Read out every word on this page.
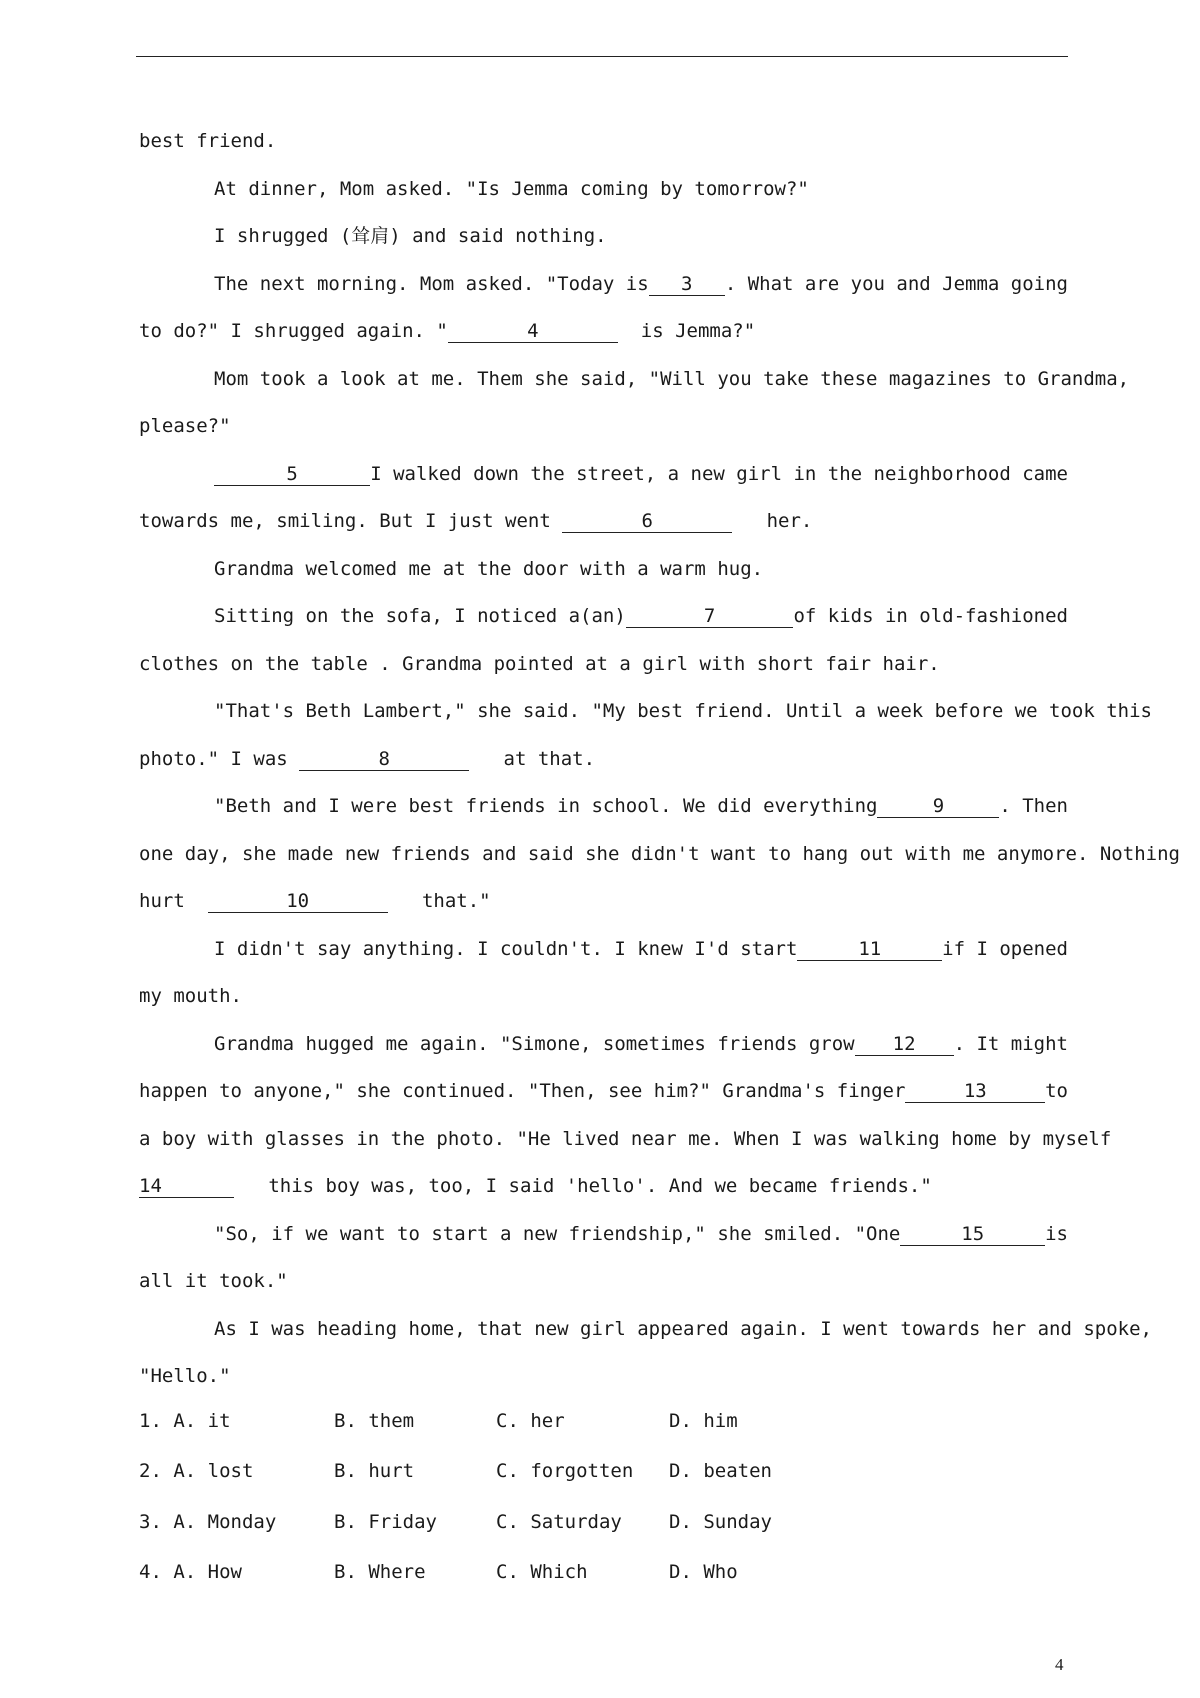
best friend.
At dinner, Mom asked. "Is Jemma coming by tomorrow?"
I shrugged (耸肩) and said nothing.
The next morning. Mom asked. "Today is	3	. What are you and Jemma going
to do?" I shrugged again. "	4	is Jemma?"
Mom took a look at me. Them she said, "Will you take these magazines to Grandma,
please?"
5	I walked down the street, a new girl in the neighborhood came
towards me, smiling. But I just went	6	her.
Grandma welcomed me at the door with a warm hug.
Sitting on the sofa, I noticed a(an)	7	of kids in old-fashioned
clothes on the table . Grandma pointed at a girl with short fair hair.
"That's Beth Lambert," she said. "My best friend. Until a week before we took this
photo." I was	8	at that.
"Beth and I were best friends in school. We did everything	9	. Then
one day, she made new friends and said she didn't want to hang out with me anymore. Nothing
hurt	10	that."
I didn't say anything. I couldn't. I knew I'd start	11	if I opened
my mouth.
Grandma hugged me again. "Simone, sometimes friends grow	12	. It might
happen to anyone," she continued. "Then, see him?" Grandma's finger	13	to
a boy with glasses in the photo. "He lived near me. When I was walking home by myself
14	this boy was, too, I said 'hello'. And we became friends."
"So, if we want to start a new friendship," she smiled. "One	15	is
all it took."
As I was heading home, that new girl appeared again. I went towards her and spoke,
"Hello."
1. A. it	B. them	C. her	D. him
2. A. lost	B. hurt	C. forgotten D. beaten
3. A. Monday	B. Friday	C. Saturday D. Sunday
4. A. How	B. Where	C. Which	D. Who
4
